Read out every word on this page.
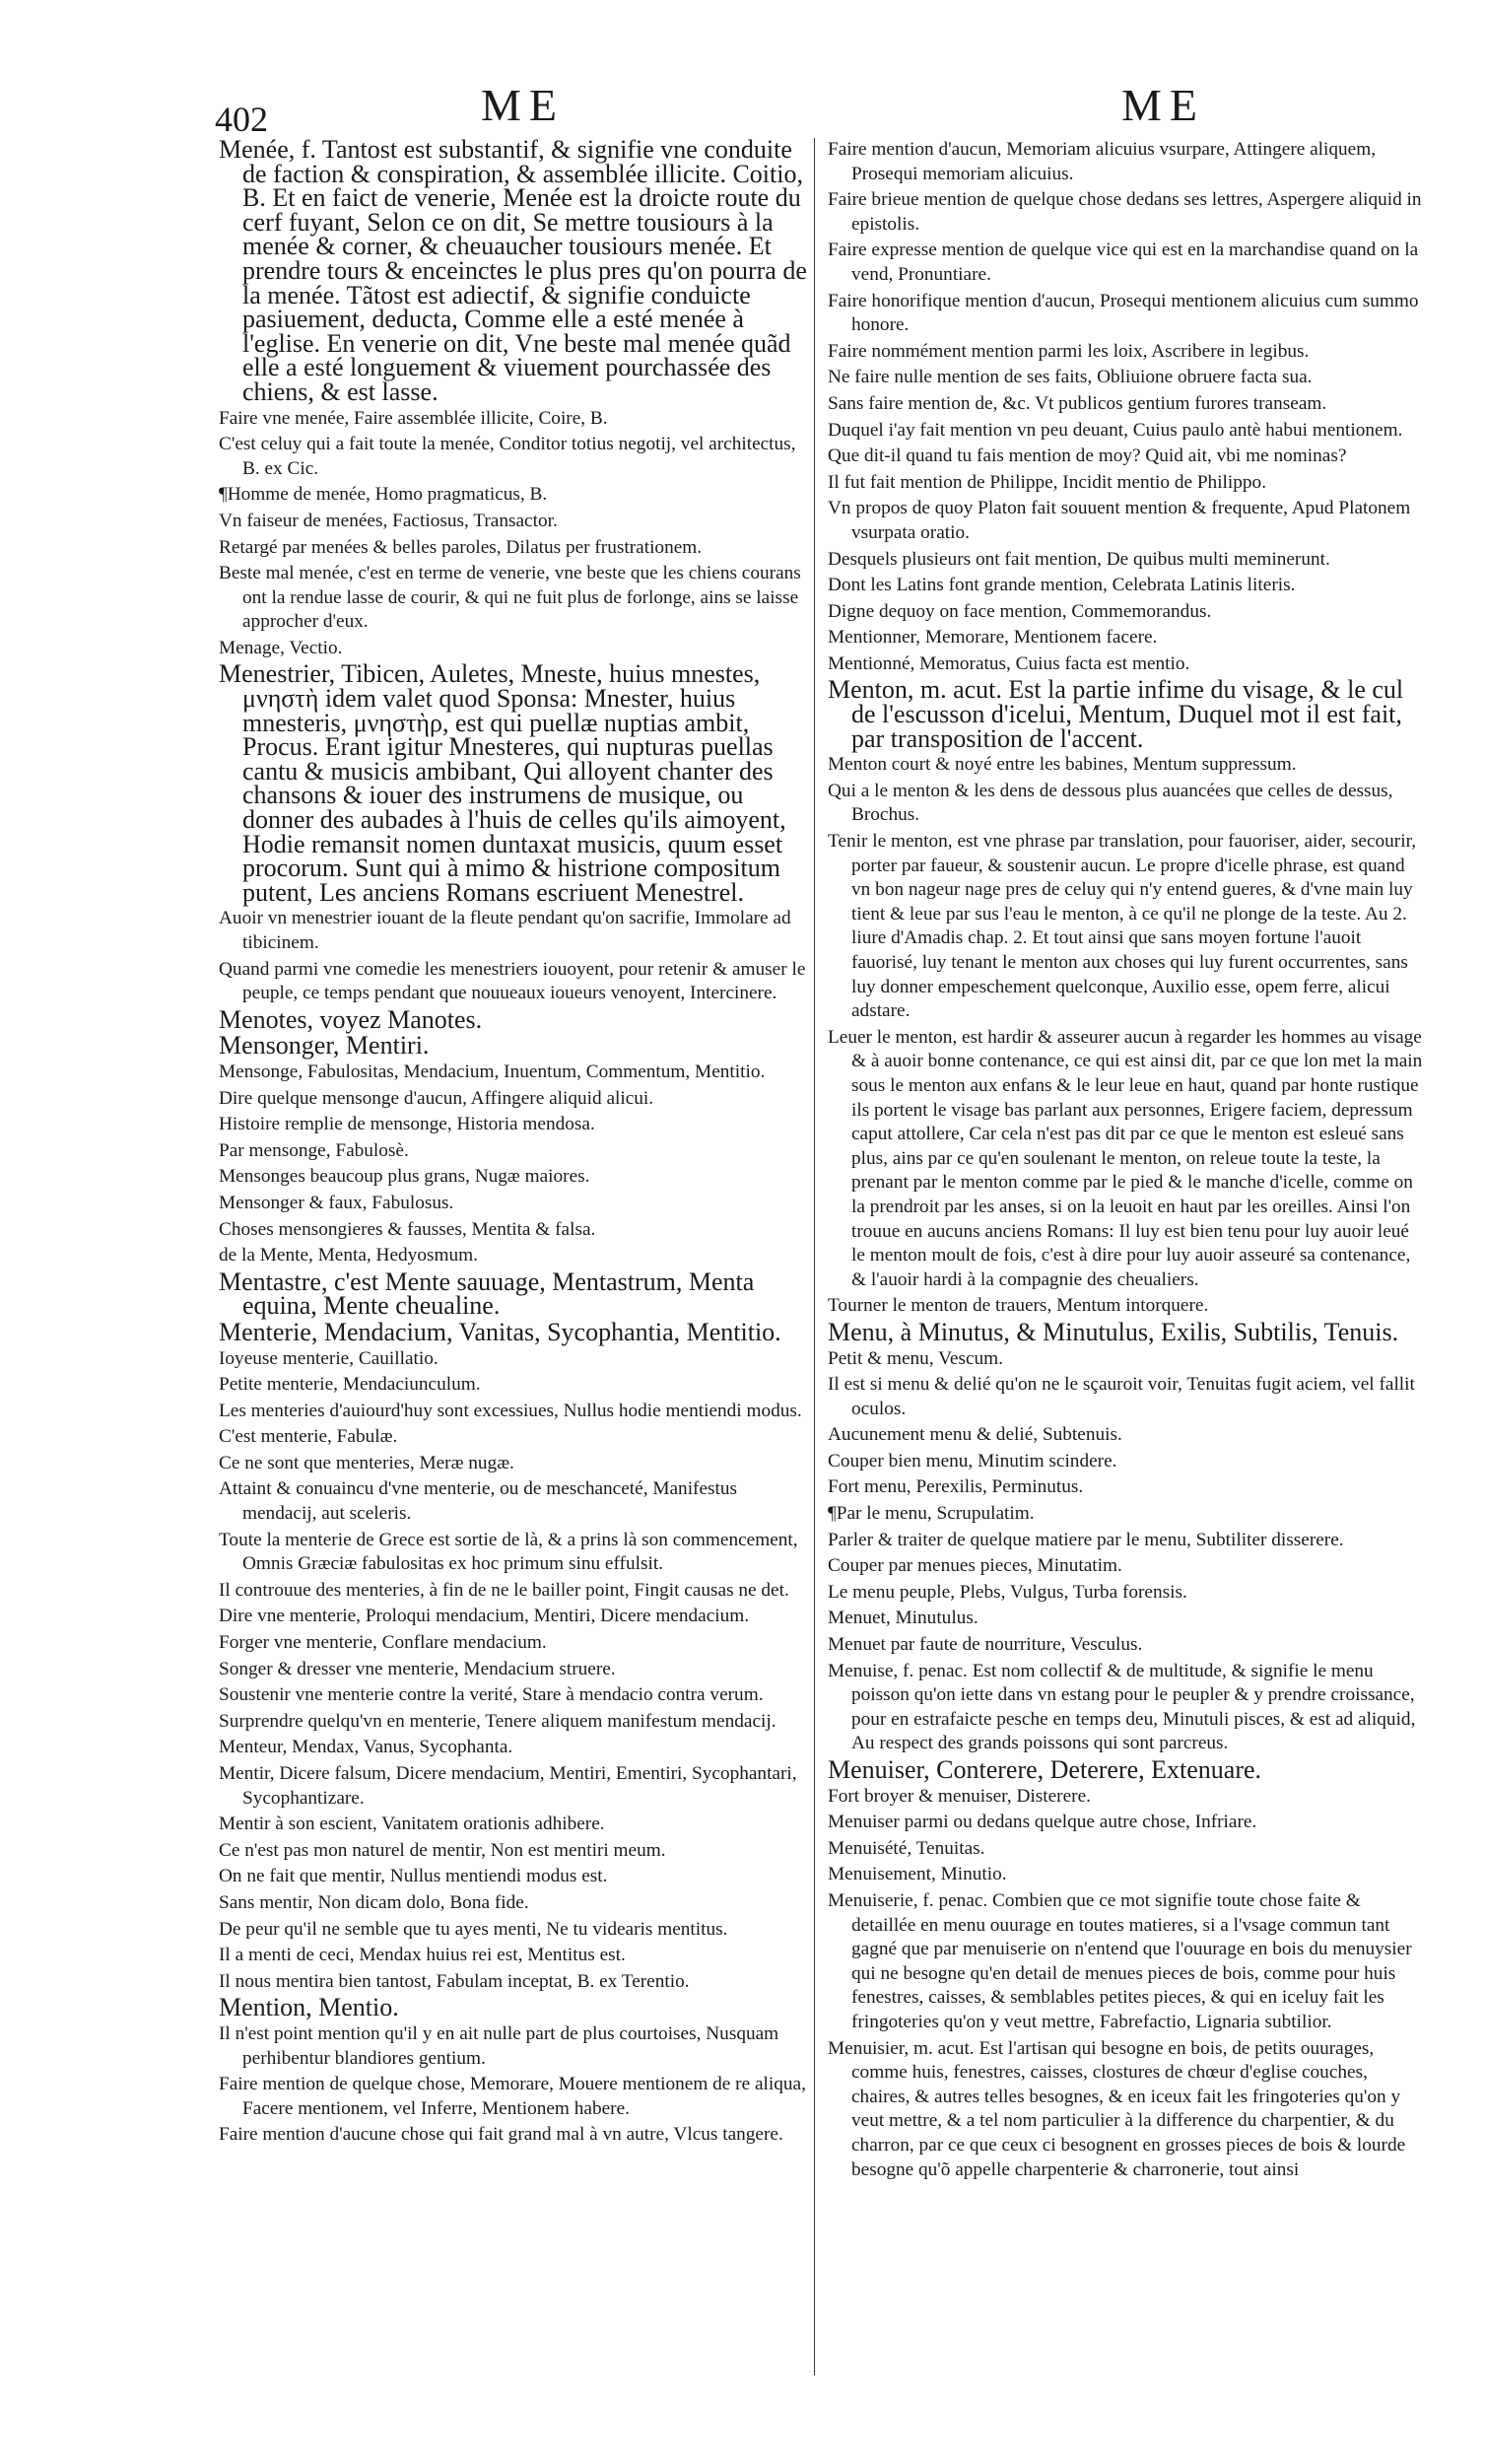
402	ME	ME
Menée, f. Tantost est substantif, & signifie vne conduite de faction & conspiration, & assemblée illicite. Coitio, B. Et en faict de venerie, Menée est la droicte route du cerf fuyant, Selon ce on dit, Se mettre tousiours à la menée & corner, & cheuaucher tousiours menée. Et prendre tours & enceinctes le plus pres qu'on pourra de la menée. Tãtost est adiectif, & signifie conduicte pasiuement, deducta, Comme elle a esté menée à l'eglise. En venerie on dit, Vne beste mal menée quãd elle a esté longuement & viuement pourchassée des chiens, & est lasse.
Faire vne menée, Faire assemblée illicite, Coire, B.
C'est celuy qui a fait toute la menée, Conditor totius negotij, vel architectus, B. ex Cic.
¶Homme de menée, Homo pragmaticus, B.
Vn faiseur de menées, Factiosus, Transactor.
Retargé par menées & belles paroles, Dilatus per frustrationem.
Beste mal menée, c'est en terme de venerie, vne beste que les chiens courans ont la rendue lasse de courir, & qui ne fuit plus de forlonge, ains se laisse approcher d'eux.
Menage, Vectio.
Menestrier, Tibicen, Auletes, Mneste, huius mnestes, μνηστὴ idem valet quod Sponsa: Mnester, huius mnesteris, μνηστὴρ, est qui puellæ nuptias ambit, Procus. Erant igitur Mnesteres, qui nupturas puellas cantu & musicis ambibant, Qui alloyent chanter des chansons & iouer des instrumens de musique, ou donner des aubades à l'huis de celles qu'ils aimoyent, Hodie remansit nomen duntaxat musicis, quum esset procorum. Sunt qui à mimo & histrione compositum putent, Les anciens Romans escriuent Menestrel.
Auoir vn menestrier iouant de la fleute pendant qu'on sacrifie, Immolare ad tibicinem.
Quand parmi vne comedie les menestriers iouoyent, pour retenir & amuser le peuple, ce temps pendant que nouueaux ioueurs venoyent, Intercinere.
Menotes, voyez Manotes.
Mensonger, Mentiri.
Mensonge, Fabulositas, Mendacium, Inuentum, Commentum, Mentitio.
Dire quelque mensonge d'aucun, Affingere aliquid alicui.
Histoire remplie de mensonge, Historia mendosa.
Par mensonge, Fabulosè.
Mensonges beaucoup plus grans, Nugæ maiores.
Mensonger & faux, Fabulosus.
Choses mensongieres & fausses, Mentita & falsa.
de la Mente, Menta, Hedyosmum.
Mentastre, c'est Mente sauuage, Mentastrum, Menta equina, Mente cheualine.
Menterie, Mendacium, Vanitas, Sycophantia, Mentitio.
Ioyeuse menterie, Cauillatio.
Petite menterie, Mendaciunculum.
Les menteries d'auiourd'huy sont excessiues, Nullus hodie mentiendi modus.
C'est menterie, Fabulæ.
Ce ne sont que menteries, Meræ nugæ.
Attaint & conuaincu d'vne menterie, ou de meschanceté, Manifestus mendacij, aut sceleris.
Toute la menterie de Grece est sortie de là, & a prins là son commencement, Omnis Græciæ fabulositas ex hoc primum sinu effulsit.
Il controuue des menteries, à fin de ne le bailler point, Fingit causas ne det.
Dire vne menterie, Proloqui mendacium, Mentiri, Dicere mendacium.
Forger vne menterie, Conflare mendacium.
Songer & dresser vne menterie, Mendacium struere.
Soustenir vne menterie contre la verité, Stare à mendacio contra verum.
Surprendre quelqu'vn en menterie, Tenere aliquem manifestum mendacij.
Menteur, Mendax, Vanus, Sycophanta.
Mentir, Dicere falsum, Dicere mendacium, Mentiri, Ementiri, Sycophantari, Sycophantizare.
Mentir à son escient, Vanitatem orationis adhibere.
Ce n'est pas mon naturel de mentir, Non est mentiri meum.
On ne fait que mentir, Nullus mentiendi modus est.
Sans mentir, Non dicam dolo, Bona fide.
De peur qu'il ne semble que tu ayes menti, Ne tu videaris mentitus.
Il a menti de ceci, Mendax huius rei est, Mentitus est.
Il nous mentira bien tantost, Fabulam inceptat, B. ex Terentio.
Mention, Mentio.
Il n'est point mention qu'il y en ait nulle part de plus courtoises, Nusquam perhibentur blandiores gentium.
Faire mention de quelque chose, Memorare, Mouere mentionem de re aliqua, Facere mentionem, vel Inferre, Mentionem habere.
Faire mention d'aucune chose qui fait grand mal à vn autre, Vlcus tangere.
Faire mention d'aucun, Memoriam alicuius vsurpare, Attingere aliquem, Prosequi memoriam alicuius.
Faire brieue mention de quelque chose dedans ses lettres, Aspergere aliquid in epistolis.
Faire expresse mention de quelque vice qui est en la marchandise quand on la vend, Pronuntiare.
Faire honorifique mention d'aucun, Prosequi mentionem alicuius cum summo honore.
Faire nommément mention parmi les loix, Ascribere in legibus.
Ne faire nulle mention de ses faits, Obliuione obruere facta sua.
Sans faire mention de, &c. Vt publicos gentium furores transeam.
Duquel i'ay fait mention vn peu deuant, Cuius paulo antè habui mentionem.
Que dit-il quand tu fais mention de moy? Quid ait, vbi me nominas?
Il fut fait mention de Philippe, Incidit mentio de Philippo.
Vn propos de quoy Platon fait souuent mention & frequente, Apud Platonem vsurpata oratio.
Desquels plusieurs ont fait mention, De quibus multi meminerunt.
Dont les Latins font grande mention, Celebrata Latinis literis.
Digne dequoy on face mention, Commemorandus.
Mentionner, Memorare, Mentionem facere.
Mentionné, Memoratus, Cuius facta est mentio.
Menton, m. acut. Est la partie infime du visage, & le cul de l'escusson d'icelui, Mentum, Duquel mot il est fait, par transposition de l'accent.
Menton court & noyé entre les babines, Mentum suppressum.
Qui a le menton & les dens de dessous plus auancées que celles de dessus, Brochus.
Tenir le menton, est vne phrase par translation, pour fauoriser, aider, secourir, porter par faueur, & soustenir aucun. Le propre d'icelle phrase, est quand vn bon nageur nage pres de celuy qui n'y entend gueres, & d'vne main luy tient & leue par sus l'eau le menton, à ce qu'il ne plonge de la teste. Au 2. liure d'Amadis chap. 2. Et tout ainsi que sans moyen fortune l'auoit fauorisé, luy tenant le menton aux choses qui luy furent occurrentes, sans luy donner empeschement quelconque, Auxilio esse, opem ferre, alicui adstare.
Leuer le menton, est hardir & asseurer aucun à regarder les hommes au visage & à auoir bonne contenance, ce qui est ainsi dit, par ce que lon met la main sous le menton aux enfans & le leur leue en haut, quand par honte rustique ils portent le visage bas parlant aux personnes, Erigere faciem, depressum caput attollere, Car cela n'est pas dit par ce que le menton est esleué sans plus, ains par ce qu'en soulenant le menton, on releue toute la teste, la prenant par le menton comme par le pied & le manche d'icelle, comme on la prendroit par les anses, si on la leuoit en haut par les oreilles. Ainsi l'on trouue en aucuns anciens Romans: Il luy est bien tenu pour luy auoir leué le menton moult de fois, c'est à dire pour luy auoir asseuré sa contenance, & l'auoir hardi à la compagnie des cheualiers.
Tourner le menton de trauers, Mentum intorquere.
Menu, à Minutus, & Minutulus, Exilis, Subtilis, Tenuis.
Petit & menu, Vescum.
Il est si menu & delié qu'on ne le sçauroit voir, Tenuitas fugit aciem, vel fallit oculos.
Aucunement menu & delié, Subtenuis.
Couper bien menu, Minutim scindere.
Fort menu, Perexilis, Perminutus.
¶Par le menu, Scrupulatim.
Parler & traiter de quelque matiere par le menu, Subtiliter disserere.
Couper par menues pieces, Minutatim.
Le menu peuple, Plebs, Vulgus, Turba forensis.
Menuet, Minutulus.
Menuet par faute de nourriture, Vesculus.
Menuise, f. penac. Est nom collectif & de multitude, & signifie le menu poisson qu'on iette dans vn estang pour le peupler & y prendre croissance, pour en estrafaicte pesche en temps deu, Minutuli pisces, & est ad aliquid, Au respect des grands poissons qui sont parcreus.
Menuiser, Conterere, Deterere, Extenuare.
Fort broyer & menuiser, Disterere.
Menuiser parmi ou dedans quelque autre chose, Infriare.
Menuisété, Tenuitas.
Menuisement, Minutio.
Menuiserie, f. penac. Combien que ce mot signifie toute chose faite & detaillée en menu ouurage en toutes matieres, si a l'vsage commun tant gagné que par menuiserie on n'entend que l'ouurage en bois du menuysier qui ne besogne qu'en detail de menues pieces de bois, comme pour huis fenestres, caisses, & semblables petites pieces, & qui en iceluy fait les fringoteries qu'on y veut mettre, Fabrefactio, Lignaria subtilior.
Menuisier, m. acut. Est l'artisan qui besogne en bois, de petits ouurages, comme huis, fenestres, caisses, clostures de chœur d'eglise couches, chaires, & autres telles besognes, & en iceux fait les fringoteries qu'on y veut mettre, & a tel nom particulier à la difference du charpentier, & du charron, par ce que ceux ci besognent en grosses pieces de bois & lourde besogne qu'õ appelle charpenterie & charronerie, tout ainsi
